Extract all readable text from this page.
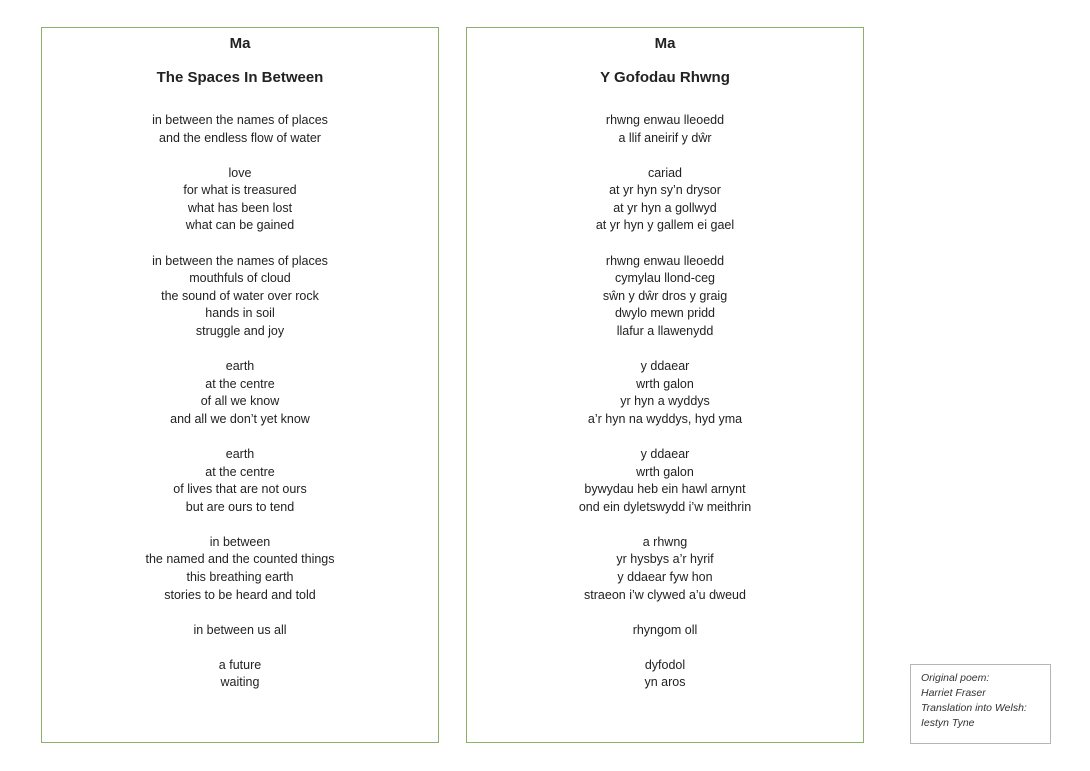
Ma
The Spaces In Between
in between the names of places
and the endless flow of water
love
for what is treasured
what has been lost
what can be gained
in between the names of places
mouthfuls of cloud
the sound of water over rock
hands in soil
struggle and joy
earth
at the centre
of all we know
and all we don’t yet know
earth
at the centre
of lives that are not ours
but are ours to tend
in between
the named and the counted things
this breathing earth
stories to be heard and told
in between us all
a future
waiting
Ma
Y Gofodau Rhwng
rhwng enwau lleoedd
a llif aneirif y dŵr
cariad
at yr hyn sy’n drysor
at yr hyn a gollwyd
at yr hyn y gallem ei gael
rhwng enwau lleoedd
cymylau llond-ceg
sŵn y dŵr dros y graig
dwylo mewn pridd
llafur a llawenydd
y ddaear
wrth galon
yr hyn a wyddys
a’r hyn na wyddys, hyd yma
y ddaear
wrth galon
bywydau heb ein hawl arnynt
ond ein dyletswydd i’w meithrin
a rhwng
yr hysbys a’r hyrif
y ddaear fyw hon
straeon i’w clywed a’u dweud
rhyngom oll
dyfodol
yn aros	Original poem:
Harriet Fraser
Translation into Welsh:
Iestyn Tyne
